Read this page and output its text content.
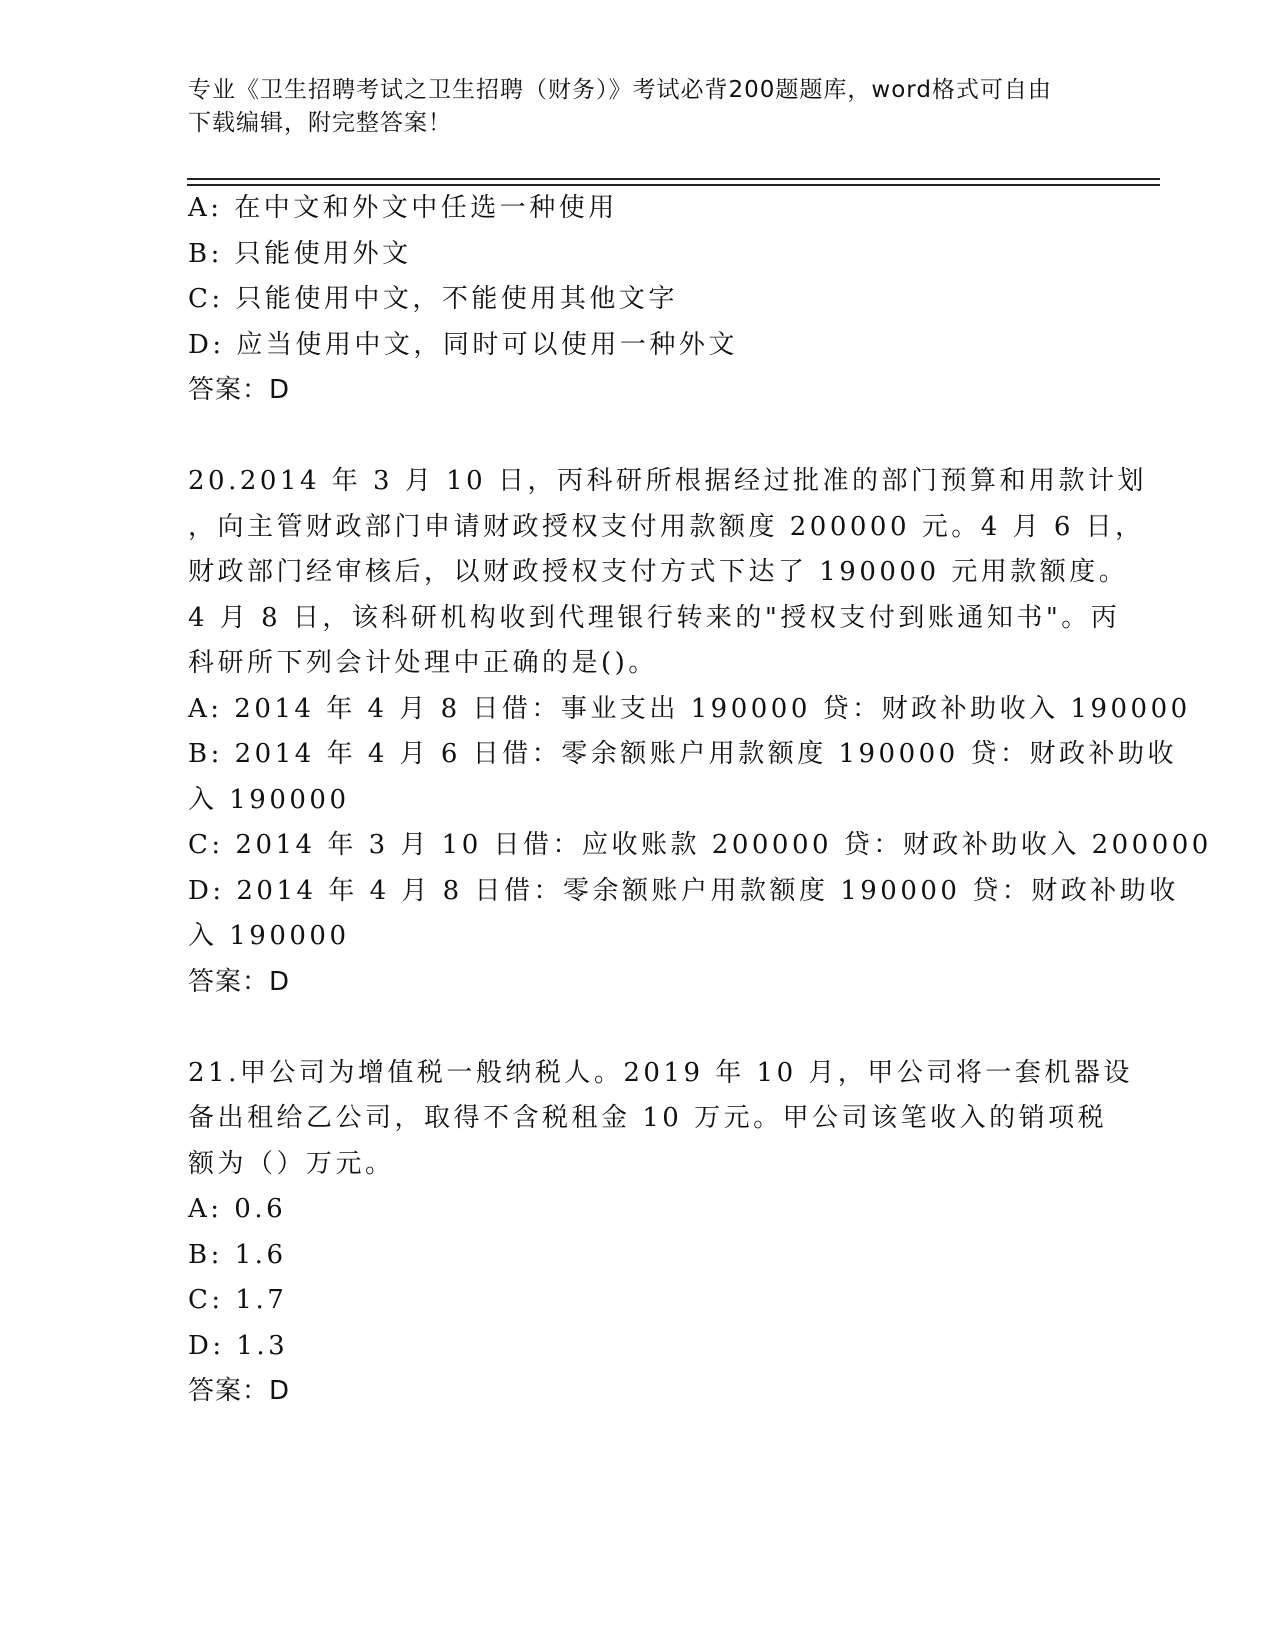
专业《卫生招聘考试之卫生招聘（财务）》考试必背200题题库，word格式可自由下载编辑，附完整答案！
A: 在中文和外文中任选一种使用
B: 只能使用外文
C: 只能使用中文，不能使用其他文字
D: 应当使用中文，同时可以使用一种外文
答案：D
20.2014 年 3 月 10 日，丙科研所根据经过批准的部门预算和用款计划
，向主管财政部门申请财政授权支付用款额度 200000 元。4 月 6 日，
财政部门经审核后，以财政授权支付方式下达了 190000 元用款额度。
4 月 8 日，该科研机构收到代理银行转来的"授权支付到账通知书"。丙
科研所下列会计处理中正确的是()。
A: 2014 年 4 月 8 日借：事业支出 190000 贷：财政补助收入 190000
B: 2014 年 4 月 6 日借：零余额账户用款额度 190000 贷：财政补助收
入 190000
C: 2014 年 3 月 10 日借：应收账款 200000 贷：财政补助收入 200000
D: 2014 年 4 月 8 日借：零余额账户用款额度 190000 贷：财政补助收
入 190000
答案：D
21.甲公司为增值税一般纳税人。2019 年 10 月，甲公司将一套机器设
备出租给乙公司，取得不含税租金 10 万元。甲公司该笔收入的销项税
额为（）万元。
A: 0.6
B: 1.6
C: 1.7
D: 1.3
答案：D
